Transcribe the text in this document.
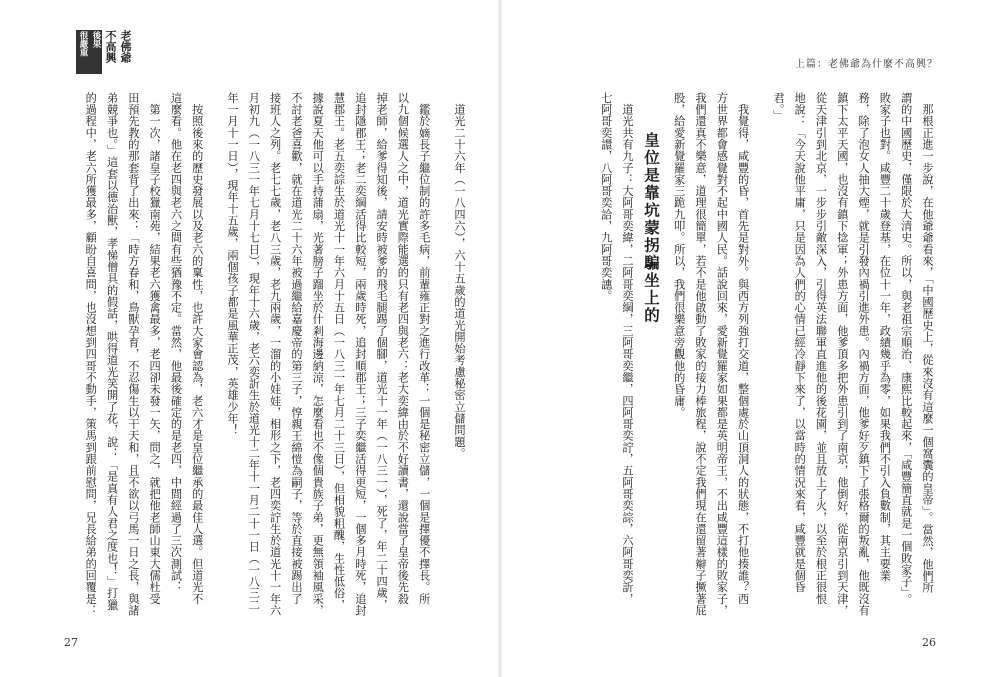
老佛爺
不高興
後果
很嚴重
　道光二十六年（一八四六），六十五歲的道光開始考慮秘密立儲問題。
　鑑於嫡長子繼位制的許多毛病，前輩雍正對之進行改革：一個是秘密立儲，一個是擇優不擇長。所
以九個候選人之中，道光實際能選的只有老四與老六：老大奕緯由於不好讀書，還說當了皇帝後先殺
掉老師，給爹得知後，請安時被爹的飛毛腿踢了個腳，道光十一年（一八三一），死了，年二十四歲，
追封隱郡王；老二奕綱活得比較短，兩歲時死，追封順郡王；三子奕繼活得更短，一個多月時死，追封
慧郡王。老五奕誴生於道光十一年六月十五日（一八三一年七月二十三日），但相貌粗醜，生性低俗，
據說夏天他可以手持蒲扇，光著膀子蹓坐於什剎海邊納涼，怎麼看也不像個貴族子弟，更無領袖風采，
不討老爸喜歡，就在道光二十六年被過繼給嘉慶帝的第三子，惇親王綿愷為嗣子，等於直接被踢出了
接班人之列。老七七歲，老八三歲，老九兩歲，一溜的小娃娃，相形之下，老四奕詝生於道光十一年六
月初九（一八三一年七月十七日），現年十六歲，老六奕訢生於道光十二年十一月二十一日（一八三二
年一月十一日），現年十五歲，兩個孩子都是風華正茂，英雄少年！
　按照後來的歷史發展以及老六的稟性，也許大家會認為，老六才是皇位繼承的最佳人選。但道光不
這麼看。他在老四與老六之間有些猶豫不定。當然，他最後確定的是老四，中間經過了三次測試：
　第一次，諸皇子校獵南苑，結果老六獲禽最多，老四卻未發一矢，問之，就把他老師山東大儒杜受
田預先教的那套背了出來：「時方春和，鳥獸孕育，不忍傷生以干天和，且不欲以弓馬一日之長，與諸
弟競爭也。」這套以德治獸，孝悌僧具的假話，哄得道光笑開了花，說：「是真有人君之度也！」打獵
的過程中，老六所獲最多，顧盼自喜問，也沒想到四哥不動手，策馬到跟前慰問，兄長給弟的回覆是：
27
上篇：老佛爺為什麼不高興？
　那根正進一步說，在他爺爺看來，「中國歷史上，從來沒有這麼一個窩囊的皇帝」。當然，他們所
謂的中國歷史，僅限於大清史。所以，與老祖宗順治、康熙比較起來，「咸豐簡直就是一個敗家子」。
敗家子也對。咸豐二十歲登基，在位十一年，政績幾乎為零，如果我們不引入負數制，其主要業
務，除了泡女人抽大煙，就是引發內禍引進外患。內禍方面，他爹好歹鎮下了張格爾的叛亂，他既沒有
鎮下太平天國，也沒有鎮下捻軍；外患方面，他爹頂多把外患引到了南京，他倒好，從南京引到天津，
從天津引到北京，一步步引敵深入，引得英法聯軍直進他的後花園，並且放上了火，以至於根正很恨
地說：「今天說他平庸，只是因為人們的心情已經冷靜下來了，以當時的情況來看，咸豐就是個昏
君。」
　我覺得，咸豐的昏，首先是對外。與西方列強打交道，整個處於山頂洞人的狀態，不打他揍誰？西
方世界都會感覺對不起中國人民。話說回來，愛新覺羅家如果都是英明帝王，不出咸豐這樣的敗家子，
我們還真不樂意，道理很簡單，若不是他啟動了敗家的接力棒旅程，說不定我們現在還留著辮子撅著屁
股，給愛新覺羅家三跪九叩。所以，我們很樂意旁觀他的昏庸。
皇位是靠坑蒙拐騙坐上的
　道光共有九子：大阿哥奕緯，二阿哥奕綱，三阿哥奕繼，四阿哥奕詝，五阿哥奕誴，六阿哥奕訢，
七阿哥奕譞，八阿哥奕詥，九阿哥奕譓。
26
